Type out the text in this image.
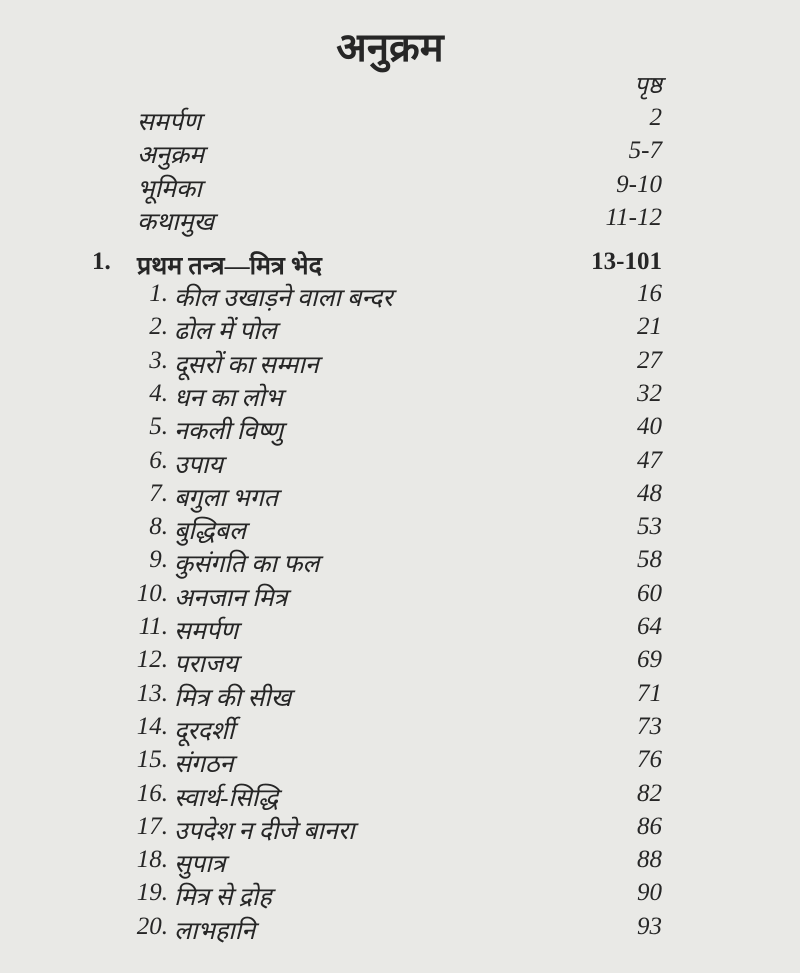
अनुक्रम
पृष्ठ
समर्पण	2
अनुक्रम	5-7
भूमिका	9-10
कथामुख	11-12
1. प्रथम तन्त्र—मित्र भेद	13-101
1. कील उखाड़ने वाला बन्दर	16
2. ढोल में पोल	21
3. दूसरों का सम्मान	27
4. धन का लोभ	32
5. नकली विष्णु	40
6. उपाय	47
7. बगुला भगत	48
8. बुद्धिबल	53
9. कुसंगति का फल	58
10. अनजान मित्र	60
11. समर्पण	64
12. पराजय	69
13. मित्र की सीख	71
14. दूरदर्शी	73
15. संगठन	76
16. स्वार्थ-सिद्धि	82
17. उपदेश न दीजे बानरा	86
18. सुपात्र	88
19. मित्र से द्रोह	90
20. लाभहानि	93
